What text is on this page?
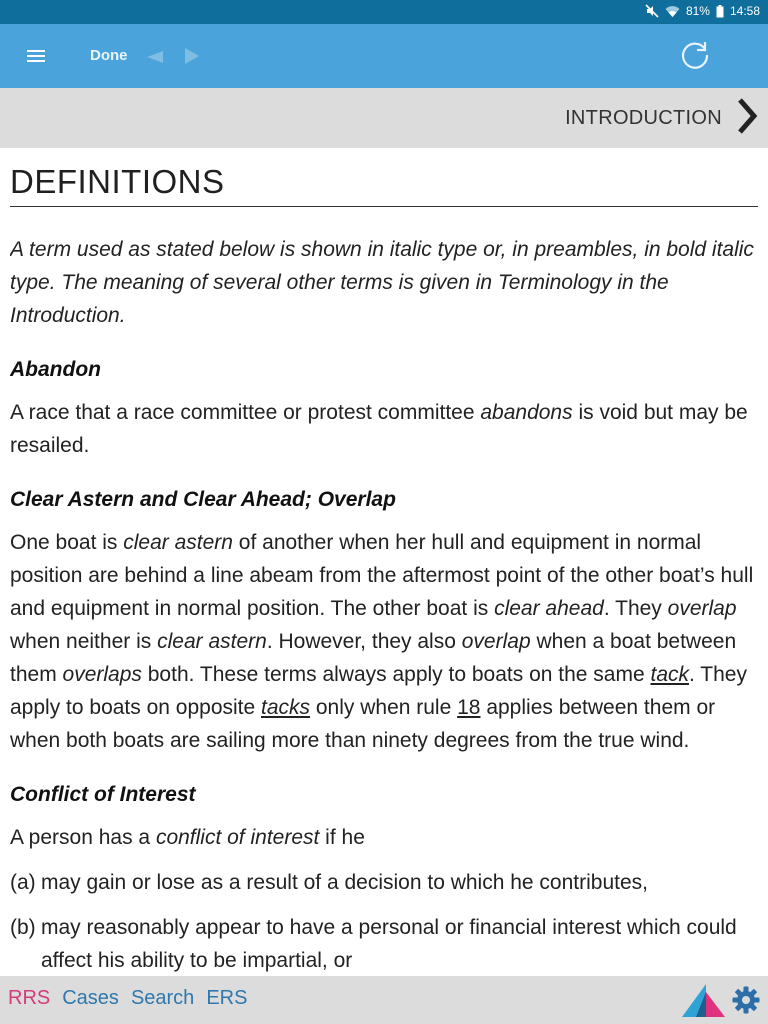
81% 14:58
Done
INTRODUCTION
DEFINITIONS

A term used as stated below is shown in italic type or, in preambles, in bold italic type. The meaning of several other terms is given in Terminology in the Introduction.

Abandon

A race that a race committee or protest committee abandons is void but may be resailed.

Clear Astern and Clear Ahead; Overlap

One boat is clear astern of another when her hull and equipment in normal position are behind a line abeam from the aftermost point of the other boat’s hull and equipment in normal position. The other boat is clear ahead. They overlap when neither is clear astern. However, they also overlap when a boat between them overlaps both. These terms always apply to boats on the same tack. They apply to boats on opposite tacks only when rule 18 applies between them or when both boats are sailing more than ninety degrees from the true wind.

Conflict of Interest

A person has a conflict of interest if he

(a) may gain or lose as a result of a decision to which he contributes,
(b) may reasonably appear to have a personal or financial interest which could affect his ability to be impartial, or
RRS Cases Search ERS
